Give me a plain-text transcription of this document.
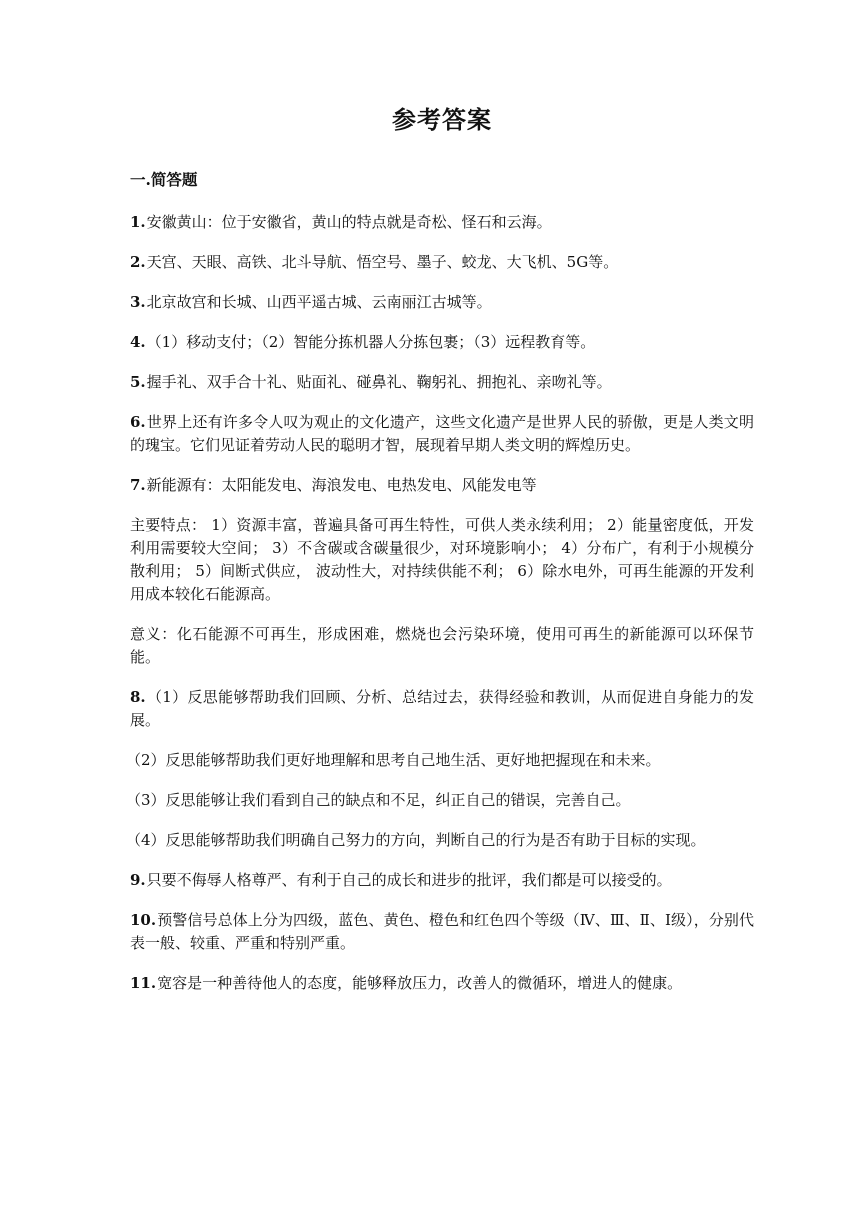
参考答案
一.简答题

1.安徽黄山：位于安徽省，黄山的特点就是奇松、怪石和云海。

2.天宫、天眼、高铁、北斗导航、悟空号、墨子、蛟龙、大飞机、5G等。

3.北京故宫和长城、山西平遥古城、云南丽江古城等。

4.（1）移动支付；（2）智能分拣机器人分拣包裹；（3）远程教育等。

5.握手礼、双手合十礼、贴面礼、碰鼻礼、鞠躬礼、拥抱礼、亲吻礼等。

6.世界上还有许多令人叹为观止的文化遗产，这些文化遗产是世界人民的骄傲，更是人类文明的瑰宝。它们见证着劳动人民的聪明才智，展现着早期人类文明的辉煌历史。

7.新能源有：太阳能发电、海浪发电、电热发电、风能发电等

主要特点： 1）资源丰富，普遍具备可再生特性，可供人类永续利用； 2）能量密度低，开发利用需要较大空间； 3）不含碳或含碳量很少，对环境影响小； 4）分布广，有利于小规模分散利用； 5）间断式供应， 波动性大，对持续供能不利； 6）除水电外，可再生能源的开发利用成本较化石能源高。

意义：化石能源不可再生，形成困难，燃烧也会污染环境，使用可再生的新能源可以环保节能。

8.（1）反思能够帮助我们回顾、分析、总结过去，获得经验和教训，从而促进自身能力的发展。

（2）反思能够帮助我们更好地理解和思考自己地生活、更好地把握现在和未来。

（3）反思能够让我们看到自己的缺点和不足，纠正自己的错误，完善自己。

（4）反思能够帮助我们明确自己努力的方向，判断自己的行为是否有助于目标的实现。

9.只要不侮辱人格尊严、有利于自己的成长和进步的批评，我们都是可以接受的。

10.预警信号总体上分为四级，蓝色、黄色、橙色和红色四个等级（Ⅳ、Ⅲ、Ⅱ、Ⅰ级），分别代表一般、较重、严重和特别严重。

11.宽容是一种善待他人的态度，能够释放压力，改善人的微循环，增进人的健康。
